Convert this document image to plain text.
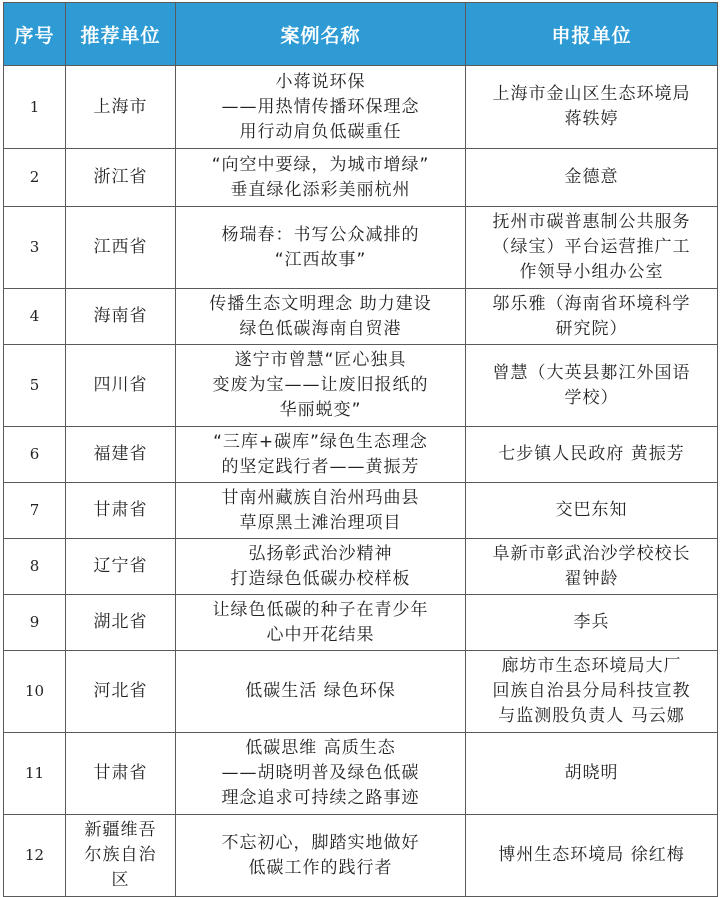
序号	推荐单位	案例名称	申报单位
1	上海市	小蒋说环保
——用热情传播环保理念
用行动肩负低碳重任	上海市金山区生态环境局
蒋轶婷
2	浙江省	“向空中要绿，为城市增绿”
垂直绿化添彩美丽杭州	金德意
3	江西省	杨瑞春：书写公众减排的
“江西故事”	抚州市碳普惠制公共服务
（绿宝）平台运营推广工
作领导小组办公室
4	海南省	传播生态文明理念 助力建设
绿色低碳海南自贸港	邬乐雅（海南省环境科学
研究院）
5	四川省	遂宁市曾慧“匠心独具
变废为宝——让废旧报纸的
华丽蜕变”	曾慧（大英县郪江外国语
学校）
6	福建省	“三库+碳库”绿色生态理念
的坚定践行者——黄振芳	七步镇人民政府 黄振芳
7	甘肃省	甘南州藏族自治州玛曲县
草原黑土滩治理项目	交巴东知
8	辽宁省	弘扬彰武治沙精神
打造绿色低碳办校样板	阜新市彰武治沙学校校长
翟钟龄
9	湖北省	让绿色低碳的种子在青少年
心中开花结果	李兵
10	河北省	低碳生活 绿色环保	廊坊市生态环境局大厂
回族自治县分局科技宣教
与监测股负责人 马云娜
11	甘肃省	低碳思维 高质生态
——胡晓明普及绿色低碳
理念追求可持续之路事迹	胡晓明
12	新疆维吾
尔族自治
区	不忘初心，脚踏实地做好
低碳工作的践行者	博州生态环境局 徐红梅
